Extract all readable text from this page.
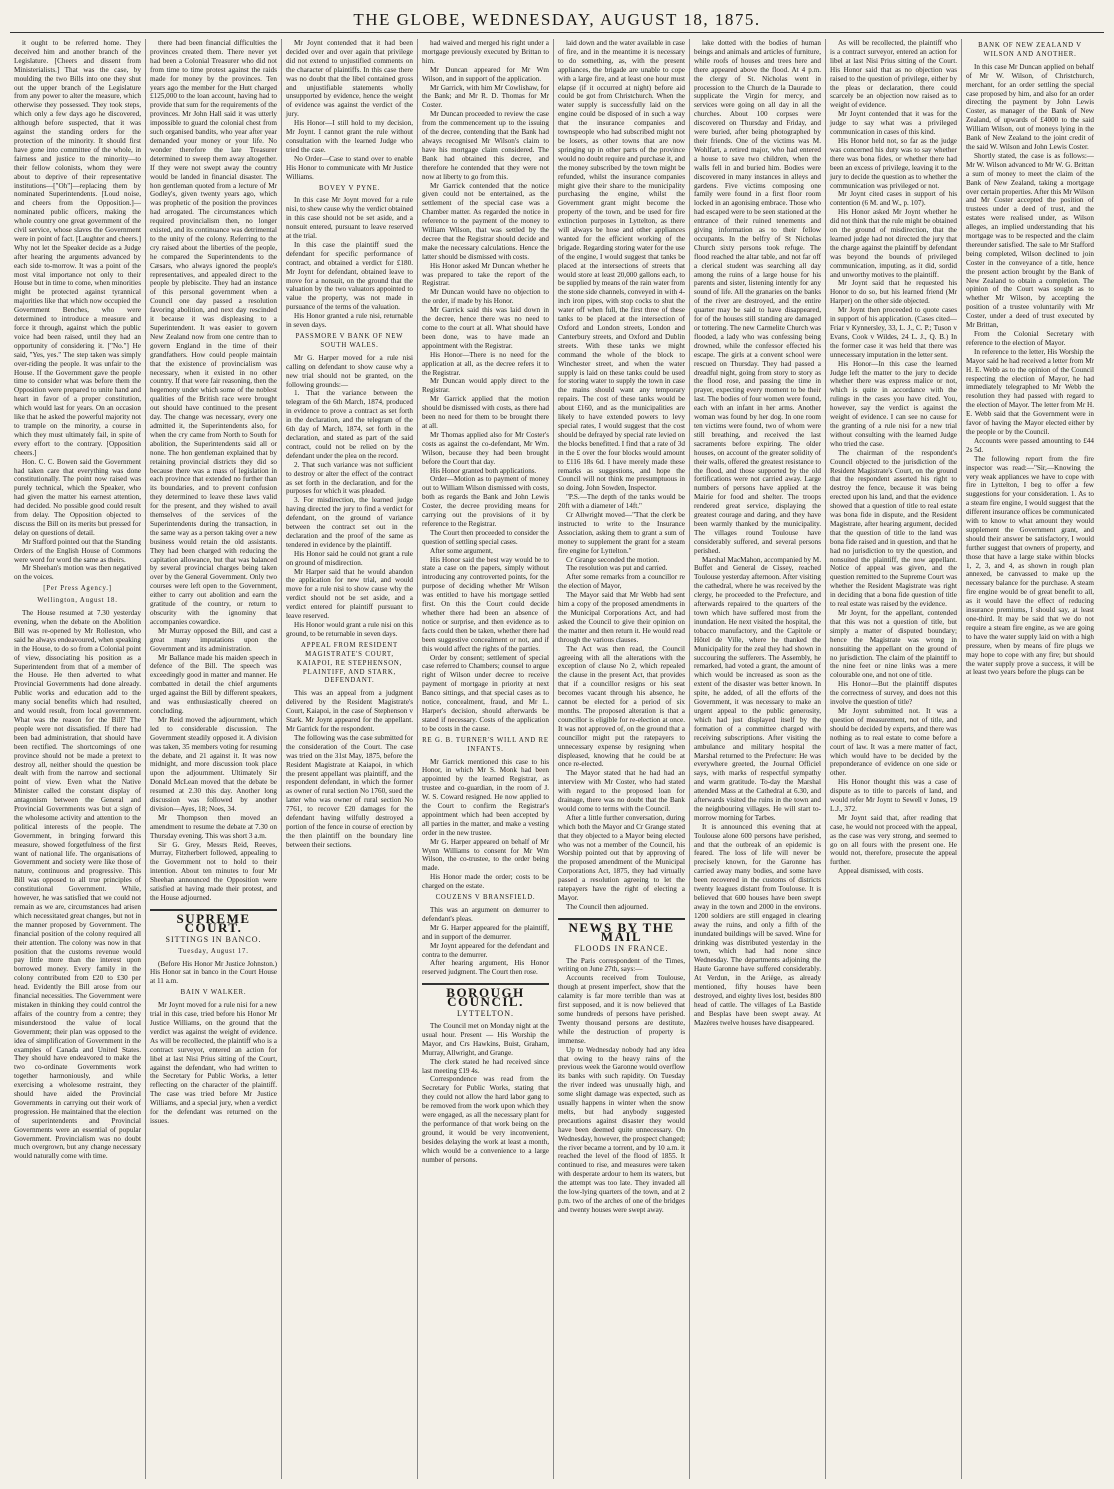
THE GLOBE, WEDNESDAY, AUGUST 18, 1875.

it ought to be referred home. They deceived him and another branch of the Legislature. [Cheers and dissent from Ministerialists.] That was the case, by moulding the two Bills into one they shut out the upper branch of the Legislature from any power to alter the measure, which otherwise they possessed. They took steps, which only a few days ago he discovered, although before suspected, that it was against the standing orders for the protection of the minority. It should first have gone into committee of the whole, in fairness and justice to the minority—to their fellow colonists, whom they were about to deprive of their representative institutions—["Oh"]—replacing them by nominated Superintendents. [Loud noise, and cheers from the Opposition.]—nominated public officers, making the whole country one great government of the civil service, whose slaves the Government were in point of fact. [Laughter and cheers.] Why not let the Speaker decide as a Judge after hearing the arguments advanced by each side to-morrow. It was a point of the most vital importance not only to their House but in time to come, when minorities might be protected against tyrannical majorities like that which now occupied the Government Benches, who were determined to introduce a measure and force it through, against which the public voice had been raised, until they had an opportunity of considering it. ["No."] He said, "Yes, yes." The step taken was simply over-riding the people. It was unfair to the House. If the Government gave the people time to consider what was before them the Opposition were prepared to unite hand and heart in favor of a proper constitution, which would last for years. On an occasion like that he asked the powerful majority not to trample on the minority, a course in which they must ultimately fail, in spite of every effort to the contrary. [Opposition cheers.]

Hon. C. C. Bowen said the Government had taken care that everything was done constitutionally. The point now raised was purely technical, which the Speaker, who had given the matter his earnest attention, had decided. No possible good could result from delay. The Opposition objected to discuss the Bill on its merits but pressed for delay on questions of detail.

Mr Stafford pointed out that the Standing Orders of the English House of Commons were word for word the same as theirs.

Mr Sheehan's motion was then negatived on the voices.

[Per Press Agency.]
Wellington, August 18.

The House resumed at 7.30 yesterday evening, when the debate on the Abolition Bill was re-opened by Mr Rolleston, who said he always endeavoured, when speaking in the House, to do so from a Colonial point of view, dissociating his position as a Superintendent from that of a member of the House. He then adverted to what Provincial Governments had done already. Public works and education add to the many social benefits which had resulted, and would result, from local government. What was the reason for the Bill? The people were not dissatisfied. If there had been bad administration, that should have been rectified. The shortcomings of one province should not be made a pretext to destroy all, neither should the question be dealt with from the narrow and sectional point of view. Even what the Native Minister called the constant display of antagonism between the General and Provincial Governments was but a sign of the wholesome activity and attention to the political interests of the people. The Government, in bringing forward this measure, showed forgetfulness of the first want of national life. The organisations of Government and society were like those of nature, continuous and progressive. This Bill was opposed to all true principles of constitutional Government. While, however, he was satisfied that we could not remain as we are, circumstances had arisen which necessitated great changes, but not in the manner proposed by Government. The financial position of the colony required all their attention. The colony was now in that position that the customs revenue would pay little more than the interest upon borrowed money. Every family in the colony contributed from £20 to £30 per head. Evidently the Bill arose from our financial necessities. The Government were mistaken in thinking they could control the affairs of the country from a centre; they misunderstood the value of local Government; their plan was opposed to the idea of simplification of Government in the examples of Canada and United States. They should have endeavored to make the two co-ordinate Governments work together harmoniously, and while exercising a wholesome restraint, they should have aided the Provincial Governments in carrying out their work of progression. He maintained that the election of superintendents and Provincial Governments were an essential of popular Government. Provincialism was no doubt much overgrown, but any change necessary would naturally come with time.

there had been financial difficulties the provinces created them. There never yet had been a Colonial Treasurer who did not from time to time protest against the raids made for money by the provinces. Ten years ago the member for the Hutt charged £125,000 to the loan account, having had to provide that sum for the requirements of the provinces. Mr John Hall said it was utterly impossible to guard the colonial chest from such organised bandits, who year after year demanded your money or your life. No wonder therefore the late Treasurer determined to sweep them away altogether. If they were not swept away the country would be landed in financial disaster. The hon gentleman quoted from a lecture of Mr Godley's, given twenty years ago, which was prophetic of the position the provinces had arrogated. The circumstances which required provincialism then, no longer existed, and its continuance was detrimental to the unity of the colony. Referring to the cry raised about the liberties of the people, he compared the Superintendents to the Cæsars, who always ignored the people's representatives, and appealed direct to the people by plebiscite. They had an instance of this personal government when a Council one day passed a resolution favoring abolition, and next day rescinded it because it was displeasing to a Superintendent. It was easier to govern New Zealand now from one centre than to govern England in the time of their grandfathers. How could people maintain that the existence of provincialism was necessary, when it existed in no other country. If that were fair reasoning, then the hegemony under which some of the noblest qualities of the British race were brought out should have continued to the present day. The change was necessary, every one admitted it, the Superintendents also, for when the cry came from North to South for abolition, the Superintendents said all or none. The hon gentleman explained that by retaining provincial districts they did so because there was a mass of legislation in each province that extended no further than its boundaries, and to prevent confusion they determined to leave these laws valid for the present, and they wished to avail themselves of the services of the Superintendents during the transaction, in the same way as a person taking over a new business would retain the old assistants. They had been charged with reducing the capitation allowance, but that was balanced by several provincial charges being taken over by the General Government. Only two courses were left open to the Government, either to carry out abolition and earn the gratitude of the country, or return to obscurity with the ignominy that accompanies cowardice.

Mr Murray opposed the Bill, and cast a great many imputations upon the Government and its administration.

Mr Ballance made his maiden speech in defence of the Bill. The speech was exceedingly good in matter and manner. He combatted in detail the chief arguments urged against the Bill by different speakers, and was enthusiastically cheered on concluding.

Mr Reid moved the adjournment, which led to considerable discussion. The Government steadily opposed it. A division was taken, 35 members voting for resuming the debate, and 21 against it. It was now midnight, and more discussion took place upon the adjournment. Ultimately Sir Donald McLean moved that the debate be resumed at 2.30 this day. Another long discussion was followed by another division—Ayes, 18; Noes, 34.

Mr Thompson then moved an amendment to resume the debate at 7.30 on Thursday evening. This was short 3 a.m.

Sir G. Grey, Messrs Reid, Reeves, Murray, Fitzherbert followed, appealing to the Government not to hold to their intention. About ten minutes to four Mr Sheehan announced the Opposition were satisfied at having made their protest, and the House adjourned.

SUPREME COURT.
SITTINGS IN BANCO.
Tuesday, August 17.

(Before His Honor Mr Justice Johnston.) His Honor sat in banco in the Court House at 11 a.m.

BAIN V WALKER.

Mr Joynt moved for a rule nisi for a new trial in this case, tried before his Honor Mr Justice Williams, on the ground that the verdict was against the weight of evidence. As will be recollected, the plaintiff who is a contract surveyor, entered an action for libel at last Nisi Prius sitting of the Court, against the defendant, who had written to the Secretary for Public Works, a letter reflecting on the character of the plaintiff. The case was tried before Mr Justice Williams, and a special jury, when a verdict for the defendant was returned on the issues.

Mr Joynt contended that it had been decided over and over again that privilege did not extend to unjustified comments on the character of plaintiffs. In this case there was no doubt that the libel contained gross and unjustifiable statements wholly unsupported by evidence, hence the weight of evidence was against the verdict of the jury.

His Honor—I still hold to my decision, Mr Joynt. I cannot grant the rule without consultation with the learned Judge who tried the case.

No Order—Case to stand over to enable His Honor to communicate with Mr Justice Williams.

BOVEY V PYNE.

In this case Mr Joynt moved for a rule nisi, to shew cause why the verdict obtained in this case should not be set aside, and a nonsuit entered, pursuant to leave reserved at the trial.

In this case the plaintiff sued the defendant for specific performance of contract, and obtained a verdict for £180. Mr Joynt for defendant, obtained leave to move for a nonsuit, on the ground that the valuation by the two valuators appointed to value the property, was not made in pursuance of the terms of the valuation.

His Honor granted a rule nisi, returnable in seven days.

PASSMORE V BANK OF NEW SOUTH WALES.

Mr G. Harper moved for a rule nisi calling on defendant to show cause why a new trial should not be granted, on the following grounds:—

1. That the variance between the telegram of the 6th March, 1874, produced in evidence to prove a contract as set forth in the declaration, and the telegram of the 6th day of March, 1874, set forth in the declaration, and stated as part of the said contract, could not be relied on by the defendant under the plea on the record.

2. That such variance was not sufficient to destroy or alter the effect of the contract as set forth in the declaration, and for the purposes for which it was pleaded.

3. For misdirection, the learned judge having directed the jury to find a verdict for defendant, on the ground of variance between the contract set out in the declaration and the proof of the same as tendered in evidence by the plaintiff.

His Honor said he could not grant a rule on ground of misdirection.

Mr Harper said that he would abandon the application for new trial, and would move for a rule nisi to show cause why the verdict should not be set aside, and a verdict entered for plaintiff pursuant to leave reserved.

His Honor would grant a rule nisi on this ground, to be returnable in seven days.

APPEAL FROM RESIDENT MAGISTRATE'S COURT, KAIAPOI, RE STEPHENSON, PLAINTIFF, AND STARK, DEFENDANT.

This was an appeal from a judgment delivered by the Resident Magistrate's Court, Kaiapoi, in the case of Stephenson v Stark. Mr Joynt appeared for the appellant. Mr Garrick for the respondent.

The following was the case submitted for the consideration of the Court. The case was tried on the 31st May, 1875, before the Resident Magistrate at Kaiapoi, in which the present appellant was plaintiff, and the respondent defendant, in which the former as owner of rural section No 1760, sued the latter who was owner of rural section No 7761, to recover £20 damages for the defendant having wilfully destroyed a portion of the fence in course of erection by the then plaintiff on the boundary line between their sections.

had waived and merged his right under a mortgage previously executed by Brittan to him.

Mr Duncan appeared for Mr Wm Wilson, and in support of the application.

Mr Garrick, with him Mr Cowlishaw, for the Bank; and Mr R. D. Thomas for Mr Coster.

Mr Duncan proceeded to review the case from the commencement up to the issuing of the decree, contending that the Bank had always recognised Mr Wilson's claim to have his mortgage claim considered. The Bank had obtained this decree, and therefore he contended that they were not now at liberty to go from this.

Mr Garrick contended that the notice given could not be entertained, as the settlement of the special case was a Chamber matter. As regarded the notice in reference to the payment of the money to William Wilson, that was settled by the decree that the Registrar should decide and make the necessary calculations. Hence the latter should be dismissed with costs.

His Honor asked Mr Duncan whether he was prepared to take the report of the Registrar.

Mr Duncan would have no objection to the order, if made by his Honor.

Mr Garrick said this was laid down in the decree, hence there was no need to come to the court at all. What should have been done, was to have made an appointment with the Registrar.

His Honor—There is no need for the application at all, as the decree refers it to the Registrar.

Mr Duncan would apply direct to the Registrar.

Mr Garrick applied that the motion should be dismissed with costs, as there had been no need for them to be brought there at all.

Mr Thomas applied also for Mr Coster's costs as against the co-defendant, Mr Wm. Wilson, because they had been brought before the Court that day.

His Honor granted both applications.

Order—Motion as to payment of money out to William Wilson dismissed with costs, both as regards the Bank and John Lewis Coster, the decree providing means for carrying out the provisions of it by reference to the Registrar.

The Court then proceeded to consider the question of settling special cases.

After some argument,

His Honor said the best way would be to state a case on the papers, simply without introducing any controverted points, for the purpose of deciding whether Mr Wilson was entitled to have his mortgage settled first. On this the Court could decide whether there had been an absence of notice or surprise, and then evidence as to facts could then be taken, whether there had been suggestive concealment or not, and if this would affect the rights of the parties.

Order by consent; settlement of special case referred to Chambers; counsel to argue right of Wilson under decree to receive payment of mortgage in priority at next Banco sittings, and that special cases as to notice, concealment, fraud, and Mr L. Harper's decision, should afterwards be stated if necessary. Costs of the application to be costs in the cause.

RE G. B. TURNER'S WILL AND RE INFANTS.

Mr Garrick mentioned this case to his Honor, in which Mr S. Monk had been appointed by the learned Registrar, as trustee and co-guardian, in the room of J. W. S. Coward resigned. He now applied to the Court to confirm the Registrar's appointment which had been accepted by all parties in the matter, and make a vesting order in the new trustee.

Mr G. Harper appeared on behalf of Mr Wynn Williams to consent for Mr Wm Wilson, the co-trustee, to the order being made.

His Honor made the order; costs to be charged on the estate.

COUZENS V BRANSFIELD.

This was an argument on demurrer to defendant's pleas.

Mr G. Harper appeared for the plaintiff, and in support of the demurrer.

Mr Joynt appeared for the defendant and contra to the demurrer.

After hearing argument, His Honor reserved judgment. The Court then rose.

BOROUGH COUNCIL.
LYTTELTON.

The Council met on Monday night at the usual hour. Present — His Worship the Mayor, and Crs Hawkins, Buist, Graham, Murray, Allwright, and Grange.

The clerk stated he had received since last meeting £19 4s.

Correspondence was read from the Secretary for Public Works, stating that they could not allow the hard labor gang to be removed from the work upon which they were engaged, as all the necessary plant for the performance of that work being on the ground, it would be very inconvenient, besides delaying the work at least a month, which would be a convenience to a large number of persons.

laid down and the water available in case of fire, and in the meantime it is necessary to do something, as, with the present appliances, the brigade are unable to cope with a large fire, and at least one hour must elapse (if it occurred at night) before aid could be got from Christchurch. When the water supply is successfully laid on the engine could be disposed of in such a way that the insurance companies and townspeople who had subscribed might not be losers, as other towns that are now springing up in other parts of the province would no doubt require and purchase it, and the money subscribed by the town might be refunded, whilst the insurance companies might give their share to the municipality purchasing the engine, whilst the Government grant might become the property of the town, and be used for fire extinction purposes in Lyttelton, as there will always be hose and other appliances wanted for the efficient working of the brigade. Regarding storing water for the use of the engine, I would suggest that tanks be placed at the intersections of streets that would store at least 20,000 gallons each, to be supplied by means of the rain water from the stone side channels, conveyed in with 4-inch iron pipes, with stop cocks to shut the water off when full, the first three of these tanks to be placed at the intersection of Oxford and London streets, London and Canterbury streets, and Oxford and Dublin streets. With these tanks we might command the whole of the block to Winchester street, and when the water supply is laid on these tanks could be used for storing water to supply the town in case the mains should want any temporary repairs. The cost of these tanks would be about £160, and as the municipalities are likely to have extended powers to levy special rates, I would suggest that the cost should be defrayed by special rate levied on the blocks benefitted. I find that a rate of 3d in the £ over the four blocks would amount to £116 18s 6d. I have merely made these remarks as suggestions, and hope the Council will not think me presumptuous in so doing. John Sowden, Inspector.

"P.S.—The depth of the tanks would be 20ft with a diameter of 14ft."

Cr Allwright moved—"That the clerk be instructed to write to the Insurance Association, asking them to grant a sum of money to supplement the grant for a steam fire engine for Lyttelton."

Cr Grange seconded the motion.

The resolution was put and carried.

After some remarks from a councillor re the election of Mayor,

The Mayor said that Mr Webb had sent him a copy of the proposed amendments in the Municipal Corporations Act, and had asked the Council to give their opinion on the matter and then return it. He would read through the various clauses.

The Act was then read, the Council agreeing with all the alterations with the exception of clause No 2, which repealed the clause in the present Act, that provides that if a councillor resigns or his seat becomes vacant through his absence, he cannot be elected for a period of six months. The proposed alteration is that a councillor is eligible for re-election at once. It was not approved of, on the ground that a councillor might put the ratepayers to unnecessary expense by resigning when displeased, knowing that he could be at once re-elected.

The Mayor stated that he had had an interview with Mr Coster, who had stated with regard to the proposed loan for drainage, there was no doubt that the Bank would come to terms with the Council.

After a little further conversation, during which both the Mayor and Cr Grange stated that they objected to a Mayor being elected who was not a member of the Council, his Worship pointed out that by approving of the proposed amendment of the Municipal Corporations Act, 1875, they had virtually passed a resolution agreeing to let the ratepayers have the right of electing a Mayor.

The Council then adjourned.

NEWS BY THE MAIL
FLOODS IN FRANCE.

The Paris correspondent of the Times, writing on June 27th, says:—

Accounts received from Toulouse, though at present imperfect, show that the calamity is far more terrible than was at first supposed, and it is now believed that some hundreds of persons have perished. Twenty thousand persons are destitute, while the destruction of property is immense.

Up to Wednesday nobody had any idea that owing to the heavy rains of the previous week the Garonne would overflow its banks with such rapidity. On Tuesday the river indeed was unusually high, and some slight damage was expected, such as usually happens in winter when the snow melts, but had anybody suggested precautions against disaster they would have been deemed quite unnecessary. On Wednesday, however, the prospect changed; the river became a torrent, and by 10 a.m. it reached the level of the flood of 1855. It continued to rise, and measures were taken with desperate ardour to hem its waters, but the attempt was too late. They invaded all the low-lying quarters of the town, and at 2 p.m. two of the arches of one of the bridges and twenty houses were swept away.

lake dotted with the bodies of human beings and animals and articles of furniture, while roofs of houses and trees here and there appeared above the flood. At 4 p.m. the clergy of St. Nicholas went in procession to the Church de la Daurade to supplicate the Virgin for mercy, and services were going on all day in all the churches. About 100 corpses were discovered on Thursday and Friday, and were buried, after being photographed by their friends. One of the victims was M. Wohlfart, a retired major, who had entered a house to save two children, when the walls fell in and buried him. Bodies were discovered in many instances in alleys and gardens. Five victims composing one family were found in a first floor room locked in an agonising embrace. Those who had escaped were to be seen stationed at the entrance of their ruined tenements and giving information as to their fellow occupants. In the belfry of St Nicholas Church sixty persons took refuge. The flood reached the altar table, and not far off a clerical student was searching all day among the ruins of a large house for his parents and sister, listening intently for any sound of life. All the granaries on the banks of the river are destroyed, and the entire quarter may be said to have disappeared, for of the houses still standing are damaged or tottering. The new Carmelite Church was flooded, a lady who was confessing being drowned, while the confessor effected his escape. The girls at a convent school were rescued on Thursday. They had passed a dreadful night, going from story to story as the flood rose, and passing the time in prayer, expecting every moment to be their last. The bodies of four women were found, each with an infant in her arms. Another woman was found by her dog. In one room ten victims were found, two of whom were still breathing, and received the last sacraments before expiring. The older houses, on account of the greater solidity of their walls, offered the greatest resistance to the flood, and those supported by the old fortifications were not carried away. Large numbers of persons have applied at the Mairie for food and shelter. The troops rendered great service, displaying the greatest courage and daring, and they have been warmly thanked by the municipality. The villages round Toulouse have considerably suffered, and several persons perished.

Marshal MacMahon, accompanied by M. Buffet and General de Cissey, reached Toulouse yesterday afternoon. After visiting the cathedral, where he was received by the clergy, he proceeded to the Prefecture, and afterwards repaired to the quarters of the town which have suffered most from the inundation. He next visited the hospital, the tobacco manufactory, and the Capitole or Hôtel de Ville, where he thanked the Municipality for the zeal they had shown in succouring the sufferers. The Assembly, he remarked, had voted a grant, the amount of which would be increased as soon as the extent of the disaster was better known. In spite, he added, of all the efforts of the Government, it was necessary to make an urgent appeal to the public generosity, which had just displayed itself by the formation of a committee charged with receiving subscriptions. After visiting the ambulance and military hospital the Marshal returned to the Prefecture: He was everywhere greeted, the Journal Officiel says, with marks of respectful sympathy and warm gratitude. To-day the Marshal attended Mass at the Cathedral at 6.30, and afterwards visited the ruins in the town and the neighbouring villages. He will start to-morrow morning for Tarbes.

It is announced this evening that at Toulouse alone 600 persons have perished, and that the outbreak of an epidemic is feared. The loss of life will never be precisely known, for the Garonne has carried away many bodies, and some have been recovered in the customs of districts twenty leagues distant from Toulouse. It is believed that 600 houses have been swept away in the town and 2000 in the environs. 1200 soldiers are still engaged in clearing away the ruins, and only a fifth of the inundated buildings will be saved. Wine for drinking was distributed yesterday in the town, which had had none since Wednesday. The departments adjoining the Haute Garonne have suffered considerably. At Verdun, in the Ariège, as already mentioned, fifty houses have been destroyed, and eighty lives lost, besides 800 head of cattle. The villages of La Bastide and Besplas have been swept away. At Mazères twelve houses have disappeared.

As will be recollected, the plaintiff who is a contract surveyor, entered an action for libel at last Nisi Prius sitting of the Court. His Honor said that as no objection was raised to the question of privilege, either by the pleas or declaration, there could scarcely be an objection now raised as to weight of evidence.

Mr Joynt contended that it was for the judge to say what was a privileged communication in cases of this kind.

His Honor held not, so far as the judge was concerned his duty was to say whether there was bona fides, or whether there had been an excess of privilege, leaving it to the jury to decide the question as to whether the communication was privileged or not.

Mr Joynt cited cases in support of his contention (6 M. and W., p. 107).

His Honor asked Mr Joynt whether he did not think that the rule might be obtained on the ground of misdirection, that the learned judge had not directed the jury that the charge against the plaintiff by defendant was beyond the bounds of privileged communication, imputing, as it did, sordid and unworthy motives to the plaintiff.

Mr Joynt said that he requested his Honor to do so, but his learned friend (Mr Harper) on the other side objected.

Mr Joynt then proceeded to quote cases in support of his application. (Cases cited—Friar v Kynnersley, 33, L. J., C. P.; Tuson v Evans, Cook v Wildes, 24 L. J., Q. B.) In the former case it was held that there was unnecessary imputation in the letter sent.

His Honor—In this case the learned Judge left the matter to the jury to decide whether there was express malice or not, which is quite in accordance with the rulings in the cases you have cited. You, however, say the verdict is against the weight of evidence. I can see no cause for the granting of a rule nisi for a new trial without consulting with the learned Judge who tried the case.

The chairman of the respondent's Council objected to the jurisdiction of the Resident Magistrate's Court, on the ground that the respondent asserted his right to destroy the fence, because it was being erected upon his land, and that the evidence showed that a question of title to real estate was bona fide in dispute, and the Resident Magistrate, after hearing argument, decided that the question of title to the land was bona fide raised and in question, and that he had no jurisdiction to try the question, and nonsuited the plaintiff, the now appellant. Notice of appeal was given, and the question remitted to the Supreme Court was whether the Resident Magistrate was right in deciding that a bona fide question of title to real estate was raised by the evidence.

Mr Joynt, for the appellant, contended that this was not a question of title, but simply a matter of disputed boundary; hence the Magistrate was wrong in nonsuiting the appellant on the ground of no jurisdiction. The claim of the plaintiff to the nine feet or nine links was a mere colourable one, and not one of title.

His Honor—But the plaintiff disputes the correctness of survey, and does not this involve the question of title?

Mr Joynt submitted not. It was a question of measurement, not of title, and should be decided by experts, and there was nothing as to real estate to come before a court of law. It was a mere matter of fact, which would have to be decided by the preponderance of evidence on one side or other.

His Honor thought this was a case of dispute as to title to parcels of land, and would refer Mr Joynt to Sewell v Jones, 19 L.J., 372.

Mr Joynt said that, after reading that case, he would not proceed with the appeal, as the case was very strong, and seemed to go on all fours with the present one. He would not, therefore, prosecute the appeal further.

Appeal dismissed, with costs.

BANK OF NEW ZEALAND V WILSON AND ANOTHER.

In this case Mr Duncan applied on behalf of Mr W. Wilson, of Christchurch, merchant, for an order settling the special case proposed by him, and also for an order directing the payment by John Lewis Coster, as manager of the Bank of New Zealand, of upwards of £4000 to the said William Wilson, out of moneys lying in the Bank of New Zealand to the joint credit of the said W. Wilson and John Lewis Coster.

Shortly stated, the case is as follows:—Mr W. Wilson advanced to Mr W. G. Brittan a sum of money to meet the claim of the Bank of New Zealand, taking a mortgage over certain properties. After this Mr Wilson and Mr Coster accepted the position of trustees under a deed of trust, and the estates were realised under, as Wilson alleges, an implied understanding that his mortgage was to be respected and the claim thereunder satisfied. The sale to Mr Stafford being completed, Wilson declined to join Coster in the conveyance of a title, hence the present action brought by the Bank of New Zealand to obtain a completion. The opinion of the Court was sought as to whether Mr Wilson, by accepting the position of a trustee voluntarily with Mr Coster, under a deed of trust executed by Mr Brittan,

From the Colonial Secretary with reference to the election of Mayor.

In reference to the letter, His Worship the Mayor said he had received a letter from Mr H. E. Webb as to the opinion of the Council respecting the election of Mayor, he had immediately telegraphed to Mr Webb the resolution they had passed with regard to the election of Mayor. The letter from Mr H. E. Webb said that the Government were in favor of having the Mayor elected either by the people or by the Council.

Accounts were passed amounting to £44 2s 5d.

The following report from the fire inspector was read:—"Sir,—Knowing the very weak appliances we have to cope with fire in Lyttelton, I beg to offer a few suggestions for your consideration. 1. As to a steam fire engine, I would suggest that the different insurance offices be communicated with to know to what amount they would supplement the Government grant, and should their answer be satisfactory, I would further suggest that owners of property, and those that have a large stake within blocks 1, 2, 3, and 4, as shown in rough plan annexed, be canvassed to make up the necessary balance for the purchase. A steam fire engine would be of great benefit to all, as it would have the effect of reducing insurance premiums, I should say, at least one-third. It may be said that we do not require a steam fire engine, as we are going to have the water supply laid on with a high pressure, when by means of fire plugs we may hope to cope with any fire; but should the water supply prove a success, it will be at least two years before the plugs can be
